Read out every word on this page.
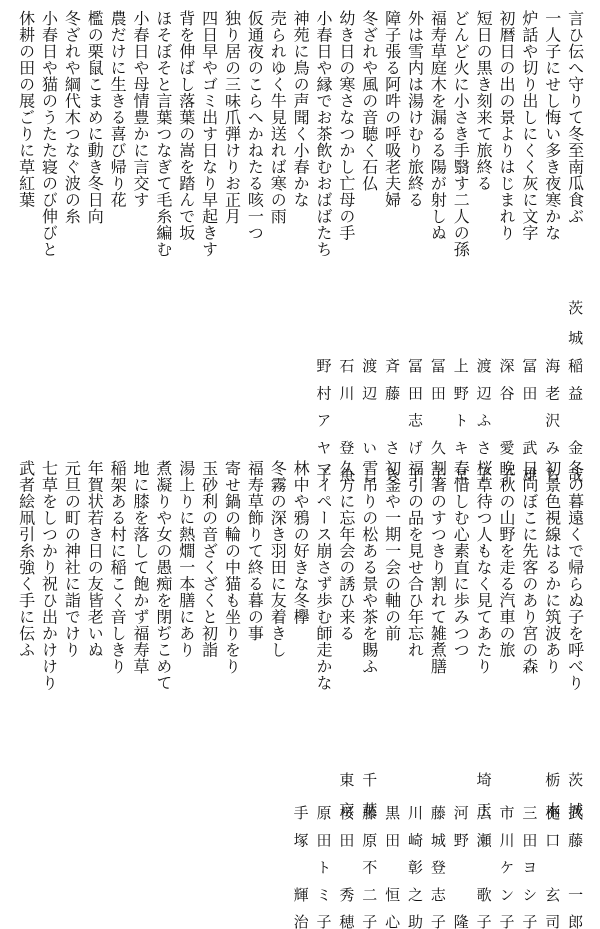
言ひ伝へ守りて冬至南瓜食ぶ
茨　城
稲益　金哉
一人子にせし悔い多き夜寒かな
海老沢みち
炉話や切り出しにくく灰に文字
冨田　武雄
初暦日の出の景よりはじまれり
深谷　愛子
短日の黒き刻来て旅終る
渡辺ふさ子
どんど火に小さき手翳す二人の孫
上野トキヱ
福寿草庭木を漏るる陽が射しぬ
冨田　久子
外は雪内は湯けむり旅終る
冨田志げ子
障子張る阿吽の呼吸老夫婦
斉藤　さき
冬ざれや風の音聴く石仏
渡辺　いし
幼き日の寒さなつかし亡母の手
石川　登魚
小春日や縁でお茶飲むおばばたち
野村アヤ子
神苑に鳥の声聞く小春かな
売られゆく牛見送れば寒の雨
仮通夜のこらへかねたる咳一つ
独り居の三味爪弾けりお正月
四日早やゴミ出す日なり早起きす
背を伸ばし落葉の嵩を踏んで坂
ほそぼそと言葉つなぎて毛糸編む
小春日や母情豊かに言交す
農だけに生きる喜び帰り花
檻の栗鼠こまめに動き冬日向
冬ざれや綱代木つなぐ波の糸
小春日や猫のうたた寝のび伸びと
休耕の田の展ごりに草紅葉
冬の暮遠くで帰らぬ子を呼べり
茨　城
武藤　一郎
初景色視線はるかに筑波あり
栃　木
樋口　玄司
日向ぼこに先客のあり宮の森
三田ヨシ子
晩秋の山野を走る汽車の旅
市川ケン子
桜草待つ人もなく見てあたり
埼　玉
広瀬　歌子
春惜しむ心素直に歩みつつ
河野　　隆
割箸のすつきり割れて雑煮膳
藤城登志子
福引の品を見せ合ひ年忘れ
川崎彰之助
初釜や一期一会の軸の前
黒田　恒心
雪吊りの松ある景や茶を賜ふ
千　葉
藤原不二子
久方に忘年会の誘ひ来る
東　京
桜田　秀穂
マイペース崩さず歩む師走かな
原田トミ子
林中や鴉の好きな冬欅
手塚　輝治
冬霧の深き羽田に友着きし
福寿草飾りて終る暮の事
寄せ鍋の輪の中猫も坐りをり
玉砂利の音ざくざくと初詣
湯上りに熱燗一本膳にあり
煮凝りや女の愚痴を閉ぢこめて
地に膝を落して飽かず福寿草
稲架ある村に稲こく音しきり
年賀状若き日の友皆老いぬ
元旦の町の神社に詣でけり
七草をしつかり祝ひ出かけけり
武者絵凧引糸強く手に伝ふ
